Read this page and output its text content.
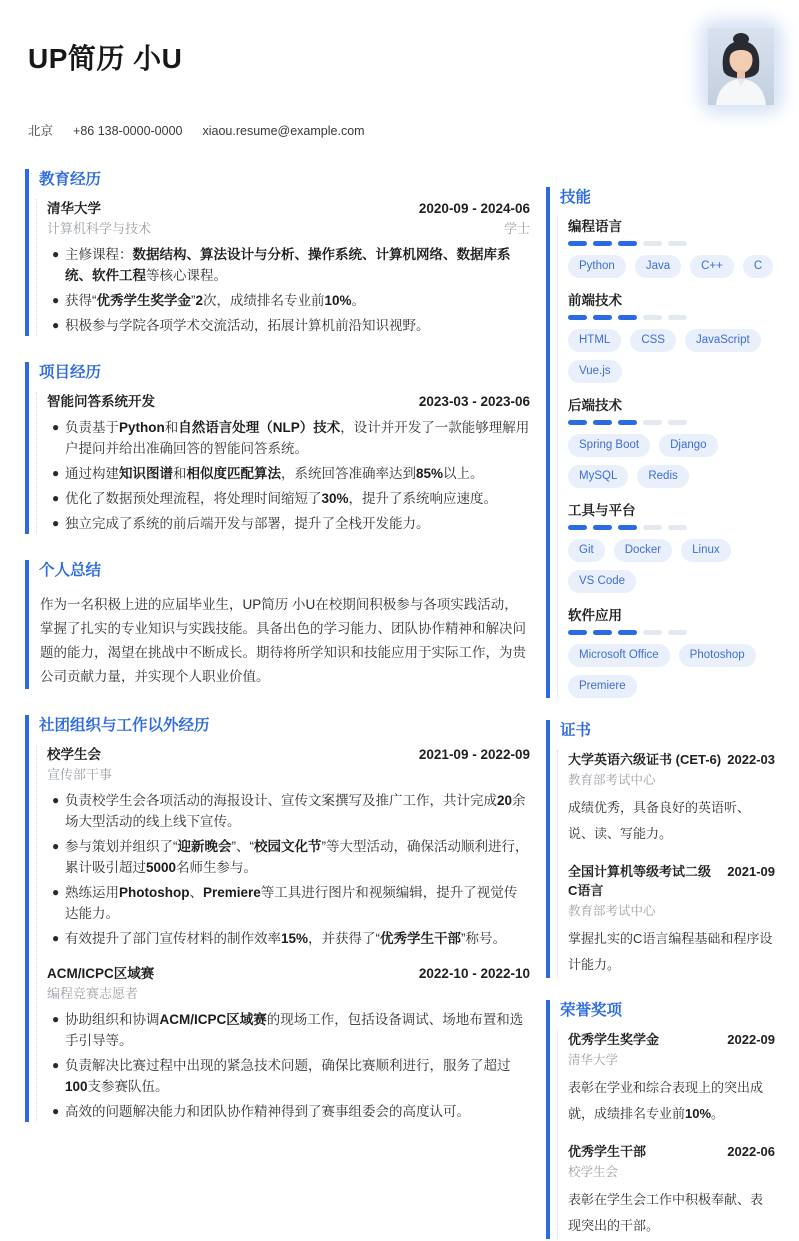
UP简历 小U
北京 +86 138-0000-0000 xiaou.resume@example.com
教育经历
清华大学	2020-09 - 2024-06
计算机科学与技术	学士
● 主修课程：数据结构、算法设计与分析、操作系统、计算机网络、数据库系统、软件工程等核心课程。
● 获得“优秀学生奖学金”2次，成绩排名专业前10%。
● 积极参与学院各项学术交流活动，拓展计算机前沿知识视野。
项目经历
智能问答系统开发	2023-03 - 2023-06
● 负责基于Python和自然语言处理（NLP）技术，设计并开发了一款能够理解用户提问并给出准确回答的智能问答系统。
● 通过构建知识图谱和相似度匹配算法，系统回答准确率达到85%以上。
● 优化了数据预处理流程，将处理时间缩短了30%，提升了系统响应速度。
● 独立完成了系统的前后端开发与部署，提升了全栈开发能力。
个人总结

作为一名积极上进的应届毕业生，UP简历 小U在校期间积极参与各项实践活动，掌握了扎实的专业知识与实践技能。具备出色的学习能力、团队协作精神和解决问题的能力，渴望在挑战中不断成长。期待将所学知识和技能应用于实际工作，为贵公司贡献力量，并实现个人职业价值。

社团组织与工作以外经历
校学生会	2021-09 - 2022-09
宣传部干事
● 负责校学生会各项活动的海报设计、宣传文案撰写及推广工作，共计完成20余场大型活动的线上线下宣传。
● 参与策划并组织了“迎新晚会”、“校园文化节”等大型活动，确保活动顺利进行，累计吸引超过5000名师生参与。
● 熟练运用Photoshop、Premiere等工具进行图片和视频编辑，提升了视觉传达能力。
● 有效提升了部门宣传材料的制作效率15%，并获得了“优秀学生干部”称号。
ACM/ICPC区域赛	2022-10 - 2022-10
编程竞赛志愿者
● 协助组织和协调ACM/ICPC区域赛的现场工作，包括设备调试、场地布置和选手引导等。
● 负责解决比赛过程中出现的紧急技术问题，确保比赛顺利进行，服务了超过100支参赛队伍。
● 高效的问题解决能力和团队协作精神得到了赛事组委会的高度认可。
技能
编程语言
Python	Java	C++	C
前端技术
HTML	CSS	JavaScript
Vue.js
后端技术
Spring Boot	Django
MySQL	Redis
工具与平台
Git	Docker	Linux
VS Code
软件应用
Microsoft Office	Photoshop
Premiere
证书
大学英语六级证书 (CET-6) 2022-03
教育部考试中心
成绩优秀，具备良好的英语听、说、读、写能力。
全国计算机等级考试二级 C语言
2021-09
教育部考试中心
掌握扎实的C语言编程基础和程序设计能力。
荣誉奖项
优秀学生奖学金	2022-09
清华大学
表彰在学业和综合表现上的突出成就，成绩排名专业前10%。
优秀学生干部	2022-06
校学生会
表彰在学生会工作中积极奉献、表现突出的干部。
